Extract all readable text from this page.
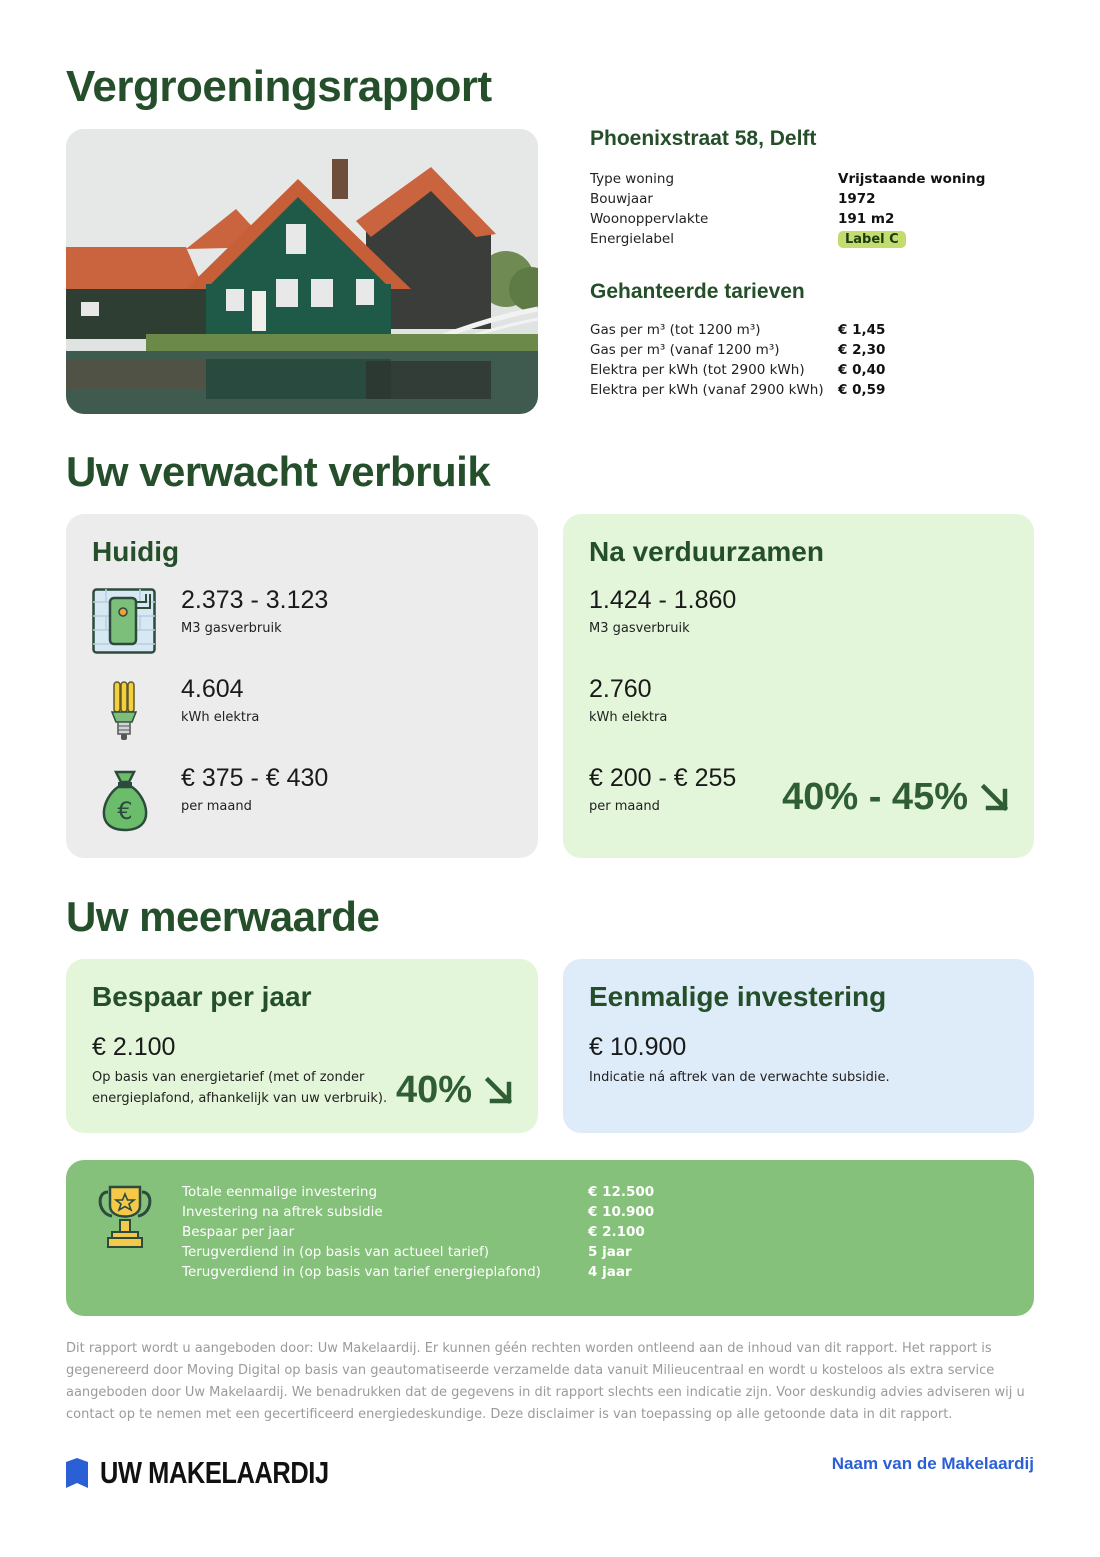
Vergroeningsrapport
Phoenixstraat 58, Delft
Type woning	Vrijstaande woning
Bouwjaar	1972
Woonoppervlakte	191 m2
Energielabel	Label C
Gehanteerde tarieven
Gas per m³ (tot 1200 m³)	€ 1,45
Gas per m³ (vanaf 1200 m³)	€ 2,30
Elektra per kWh (tot 2900 kWh)	€ 0,40
Elektra per kWh (vanaf 2900 kWh)	€ 0,59
Uw verwacht verbruik
Huidig
2.373 - 3.123
M3 gasverbruik
4.604
kWh elektra
€
€ 375 - € 430
per maand
Na verduurzamen
1.424 - 1.860
M3 gasverbruik
2.760
kWh elektra
€ 200 - € 255
per maand	40% - 45%
Uw meerwaarde
Bespaar per jaar
€ 2.100
Op basis van energietarief (met of zonder energieplafond, afhankelijk van uw verbruik). 40%
Eenmalige investering
€ 10.900
Indicatie ná aftrek van de verwachte subsidie.
Totale eenmalige investering	€ 12.500
Investering na aftrek subsidie	€ 10.900
Bespaar per jaar	€ 2.100
Terugverdiend in (op basis van actueel tarief)	5 jaar
Terugverdiend in (op basis van tarief energieplafond)	4 jaar
Dit rapport wordt u aangeboden door: Uw Makelaardij. Er kunnen géén rechten worden ontleend aan de inhoud van dit rapport. Het rapport is gegenereerd door Moving Digital op basis van geautomatiseerde verzamelde data vanuit Milieucentraal en wordt u kosteloos als extra service aangeboden door Uw Makelaardij. We benadrukken dat de gegevens in dit rapport slechts een indicatie zijn. Voor deskundig advies adviseren wij u contact op te nemen met een gecertificeerd energiedeskundige. Deze disclaimer is van toepassing op alle getoonde data in dit rapport.
UW MAKELAARDIJ	Naam van de Makelaardij
